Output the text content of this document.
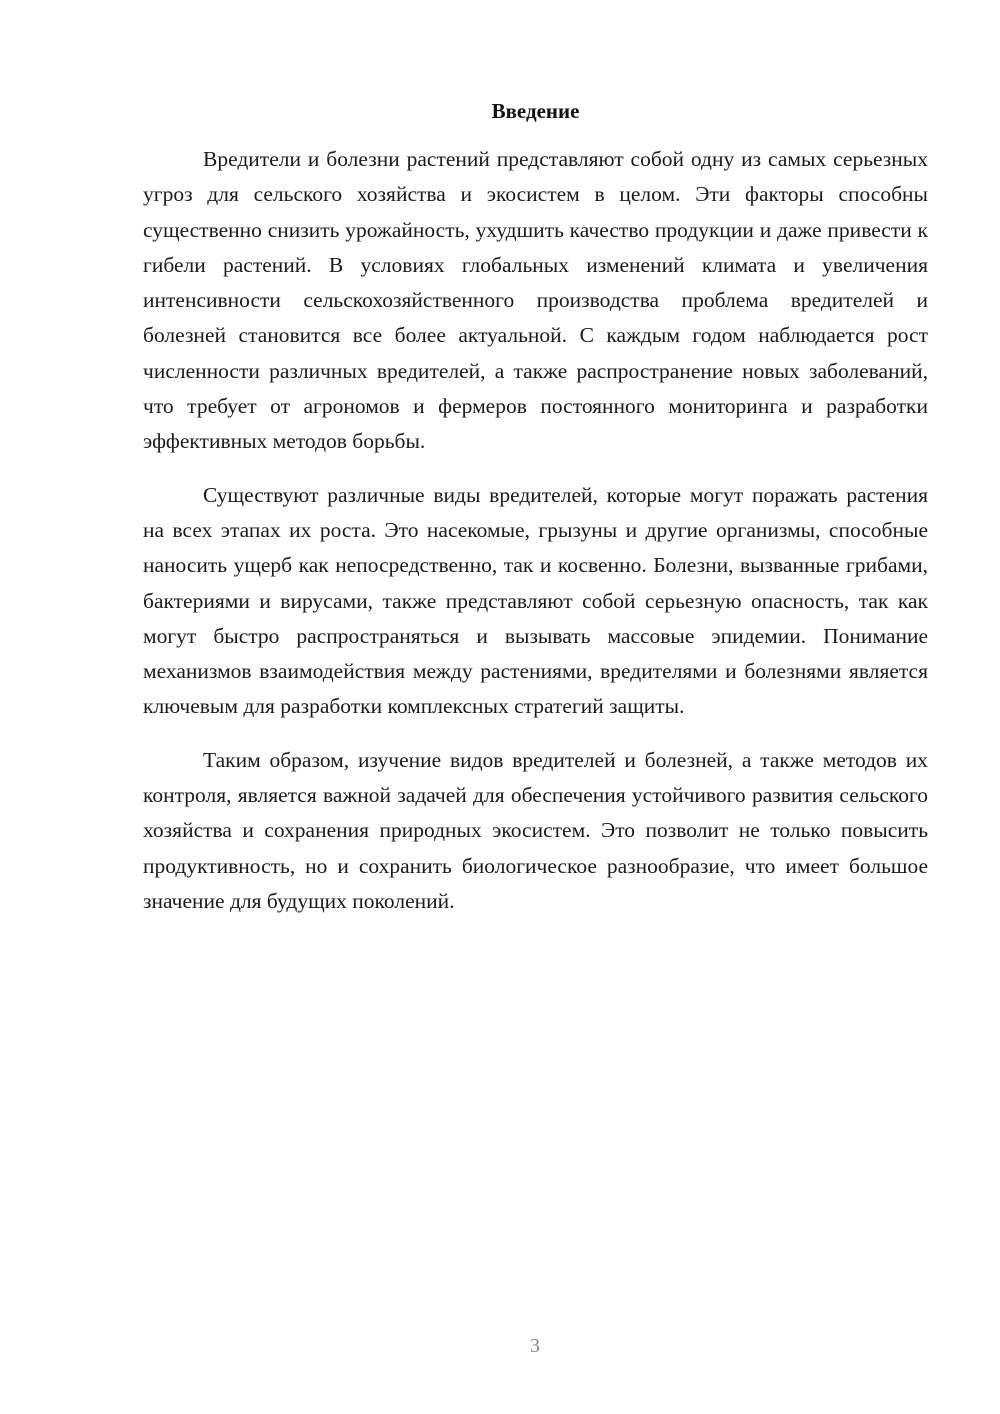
Введение

Вредители и болезни растений представляют собой одну из самых серьезных угроз для сельского хозяйства и экосистем в целом. Эти факторы способны существенно снизить урожайность, ухудшить качество продукции и даже привести к гибели растений. В условиях глобальных изменений климата и увеличения интенсивности сельскохозяйственного производства проблема вредителей и болезней становится все более актуальной. С каждым годом наблюдается рост численности различных вредителей, а также распространение новых заболеваний, что требует от агрономов и фермеров постоянного мониторинга и разработки эффективных методов борьбы.

Существуют различные виды вредителей, которые могут поражать растения на всех этапах их роста. Это насекомые, грызуны и другие организмы, способные наносить ущерб как непосредственно, так и косвенно. Болезни, вызванные грибами, бактериями и вирусами, также представляют собой серьезную опасность, так как могут быстро распространяться и вызывать массовые эпидемии. Понимание механизмов взаимодействия между растениями, вредителями и болезнями является ключевым для разработки комплексных стратегий защиты.

Таким образом, изучение видов вредителей и болезней, а также методов их контроля, является важной задачей для обеспечения устойчивого развития сельского хозяйства и сохранения природных экосистем. Это позволит не только повысить продуктивность, но и сохранить биологическое разнообразие, что имеет большое значение для будущих поколений.

3
